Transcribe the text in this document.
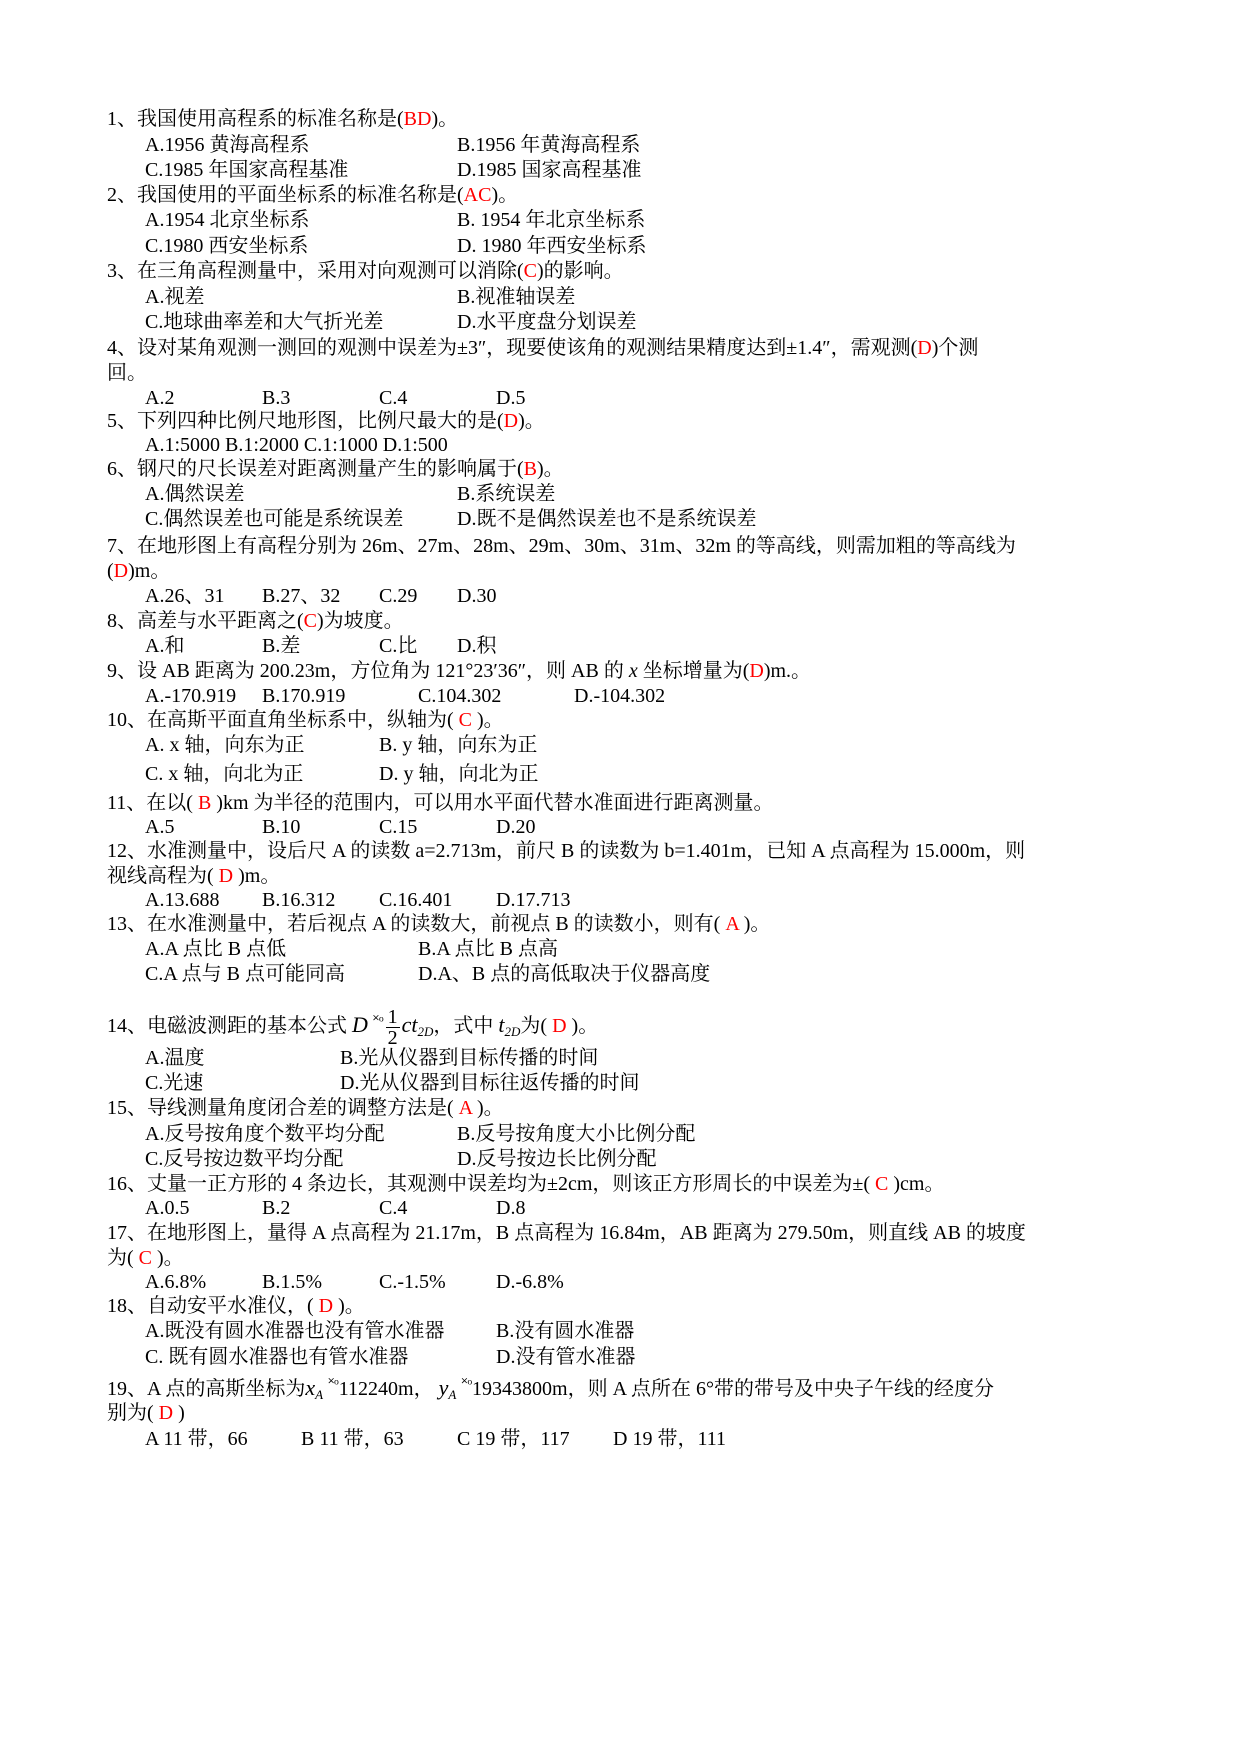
1、我国使用高程系的标准名称是(BD)。
A.1956 黄海高程系	B.1956 年黄海高程系
C.1985 年国家高程基准	D.1985 国家高程基准
2、我国使用的平面坐标系的标准名称是(AC)。
A.1954 北京坐标系	B. 1954 年北京坐标系
C.1980 西安坐标系	D. 1980 年西安坐标系
3、在三角高程测量中，采用对向观测可以消除(C)的影响。
A.视差	B.视准轴误差
C.地球曲率差和大气折光差	D.水平度盘分划误差
4、设对某角观测一测回的观测中误差为±3″，现要使该角的观测结果精度达到±1.4″，需观测(D)个测
回。
A.2	B.3	C.4	D.5
5、下列四种比例尺地形图，比例尺最大的是(D)。
A.1:5000 B.1:2000 C.1:1000 D.1:500
6、钢尺的尺长误差对距离测量产生的影响属于(B)。
A.偶然误差	B.系统误差
C.偶然误差也可能是系统误差	D.既不是偶然误差也不是系统误差
7、在地形图上有高程分别为 26m、27m、28m、29m、30m、31m、32m 的等高线，则需加粗的等高线为
(D)m。
A.26、31 B.27、32 C.29 D.30
8、高差与水平距离之(C)为坡度。
A.和	B.差	C.比 D.积
9、设 AB 距离为 200.23m，方位角为 121°23′36″，则 AB 的 x 坐标增量为(D)m.。
A.-170.919 B.170.919	C.104.302	D.-104.302
10、在高斯平面直角坐标系中，纵轴为( C )。
A. x 轴，向东为正	B. y 轴，向东为正
C. x 轴，向北为正	D. y 轴，向北为正
11、在以( B )km 为半径的范围内，可以用水平面代替水准面进行距离测量。
A.5	B.10	C.15	D.20
12、水准测量中，设后尺 A 的读数 a=2.713m，前尺 B 的读数为 b=1.401m，已知 A 点高程为 15.000m，则
视线高程为( D )m。
A.13.688 B.16.312 C.16.401 D.17.713
13、在水准测量中，若后视点 A 的读数大，前视点 B 的读数小，则有( A )。
A.A 点比 B 点低	B.A 点比 B 点高
C.A 点与 B 点可能同高	D.A、B 点的高低取决于仪器高度
14、电磁波测距的基本公式 D $^{˟ᵒ} \frac{1}{2} ct_{2D}$，式中 $t_{2D}$为( D )。
A.温度	B.光从仪器到目标传播的时间
C.光速	D.光从仪器到目标往返传播的时间
15、导线测量角度闭合差的调整方法是( A )。
A.反号按角度个数平均分配	B.反号按角度大小比例分配
C.反号按边数平均分配	D.反号按边长比例分配
16、丈量一正方形的 4 条边长，其观测中误差均为±2cm，则该正方形周长的中误差为±( C )cm。
A.0.5	B.2	C.4	D.8
17、在地形图上，量得 A 点高程为 21.17m，B 点高程为 16.84m，AB 距离为 279.50m，则直线 AB 的坡度
为( C )。
A.6.8%	B.1.5%	C.-1.5%	D.-6.8%
18、自动安平水准仪，( D )。
A.既没有圆水准器也没有管水准器	B.没有圆水准器
C. 既有圆水准器也有管水准器	D.没有管水准器
19、A 点的高斯坐标为$x_A$ $^{˟ᵒ}$112240m， $y_A$ $^{˟ᵒ}$19343800m，则 A 点所在 6°带的带号及中央子午线的经度分
别为( D )
A 11 带，66	B 11 带，63	C 19 带，117 D 19 带，111
